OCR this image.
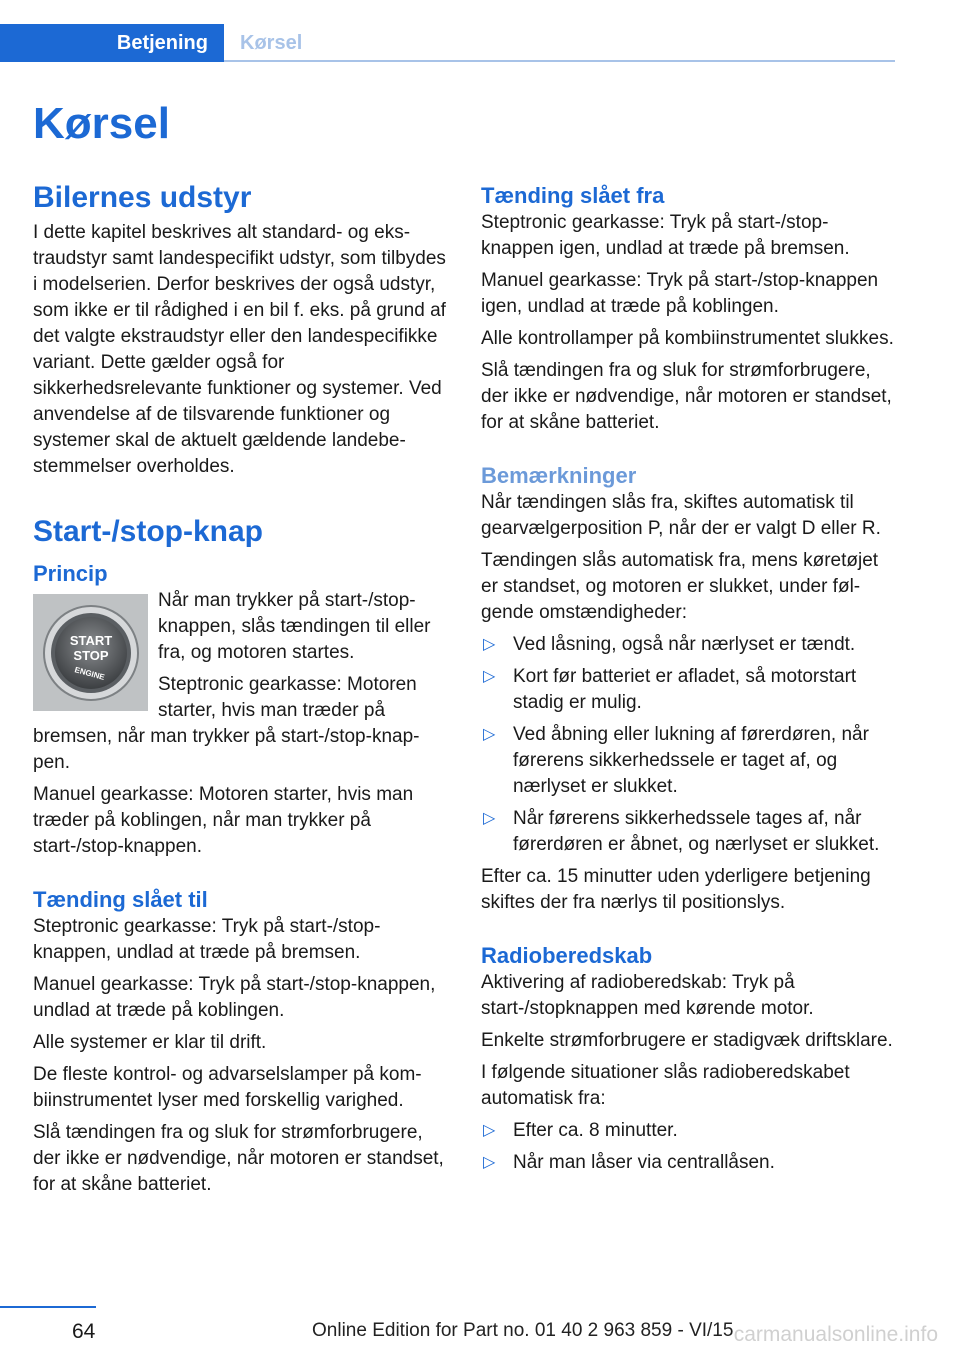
Betjening	Kørsel
Kørsel
Bilernes udstyr

I dette kapitel beskrives alt standard- og ekstraudstyr samt landespecifikt udstyr, som tilbydes i modelserien. Derfor beskrives der også udstyr, som ikke er til rådighed i en bil f. eks. på grund af det valgte ekstraudstyr eller den landespecifikke variant. Dette gælder også for sikkerhedsrelevante funktioner og systemer. Ved anvendelse af de tilsvarende funktioner og systemer skal de aktuelt gældende landebestemmelser overholdes.

Start-/stop-knap
Princip
START
STOP
ENGINE

Når man trykker på start-/stop-knappen, slås tændingen til eller fra, og motoren startes.

Steptronic gearkasse: Motoren starter, hvis man træder på bremsen, når man trykker på start-/stop-knappen.

Manuel gearkasse: Motoren starter, hvis man træder på koblingen, når man trykker på start-/stop-knappen.

Tænding slået til

Steptronic gearkasse: Tryk på start-/stop-knappen, undlad at træde på bremsen.

Manuel gearkasse: Tryk på start-/stop-knappen, undlad at træde på koblingen.

Alle systemer er klar til drift.

De fleste kontrol- og advarselslamper på kombiinstrumentet lyser med forskellig varighed.

Slå tændingen fra og sluk for strømforbrugere, der ikke er nødvendige, når motoren er standset, for at skåne batteriet.

Tænding slået fra

Steptronic gearkasse: Tryk på start-/stop-knappen igen, undlad at træde på bremsen.

Manuel gearkasse: Tryk på start-/stop-knappen igen, undlad at træde på koblingen.

Alle kontrollamper på kombiinstrumentet slukkes.

Slå tændingen fra og sluk for strømforbrugere, der ikke er nødvendige, når motoren er standset, for at skåne batteriet.

Bemærkninger

Når tændingen slås fra, skiftes automatisk til gearvælgerposition P, når der er valgt D eller R.

Tændingen slås automatisk fra, mens køretøjet er standset, og motoren er slukket, under følgende omstændigheder:

▷ Ved låsning, også når nærlyset er tændt.
▷ Kort før batteriet er afladet, så motorstart stadig er mulig.
▷ Ved åbning eller lukning af førerdøren, når førerens sikkerhedssele er taget af, og nærlyset er slukket.
▷ Når førerens sikkerhedssele tages af, når førerdøren er åbnet, og nærlyset er slukket.

Efter ca. 15 minutter uden yderligere betjening skiftes der fra nærlys til positionslys.

Radioberedskab

Aktivering af radioberedskab: Tryk på start-/stopknappen med kørende motor.

Enkelte strømforbrugere er stadigvæk driftsklare.

I følgende situationer slås radioberedskabet automatisk fra:

▷ Efter ca. 8 minutter.
▷ Når man låser via centrallåsen.
64	Online Edition for Part no. 01 40 2 963 859 - VI/15 carmanualsonline.info
